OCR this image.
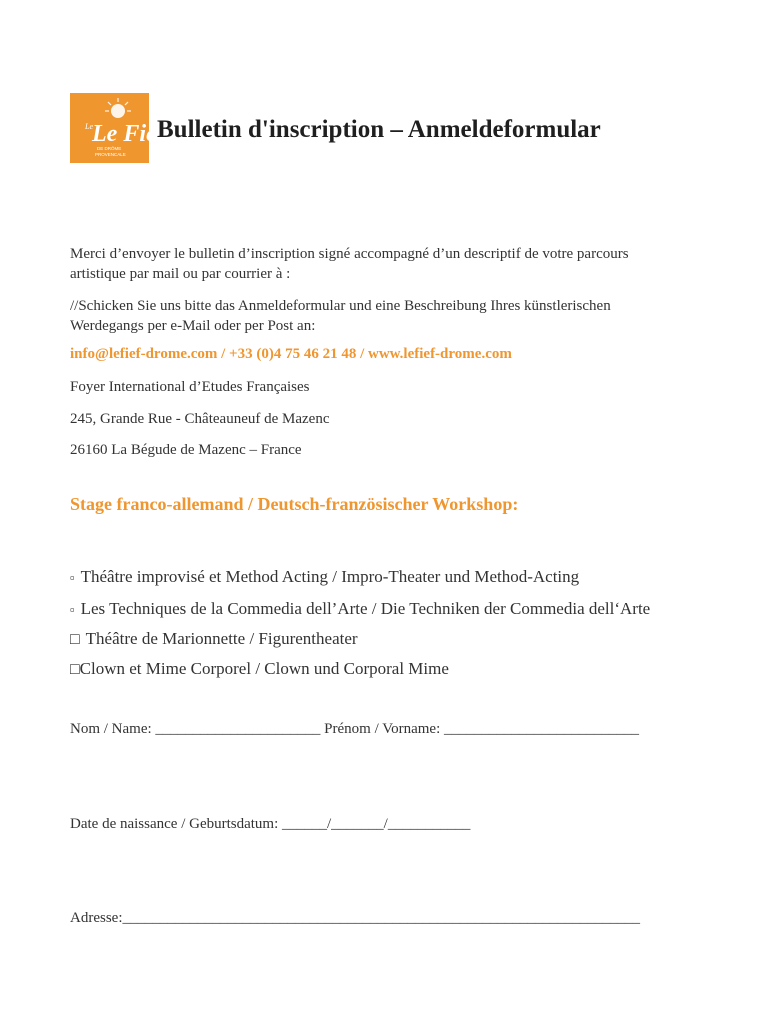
Le Le Fief
DE DRÔME
PROVENCALE
Bulletin d'inscription – Anmeldeformular
Merci d’envoyer le bulletin d’inscription signé accompagné d’un descriptif de votre parcours
artistique par mail ou par courrier à :
//Schicken Sie uns bitte das Anmeldeformular und eine Beschreibung Ihres künstlerischen
Werdegangs per e-Mail oder per Post an:
info@lefief-drome.com / +33 (0)4 75 46 21 48 / www.lefief-drome.com
Foyer International d’Etudes Françaises
245, Grande Rue - Châteauneuf de Mazenc
26160 La Bégude de Mazenc – France
Stage franco-allemand / Deutsch-französischer Workshop:
▫ Théâtre improvisé et Method Acting / Impro-Theater und Method-Acting
▫ Les Techniques de la Commedia dell’Arte / Die Techniken der Commedia dell‘Arte
□ Théâtre de Marionnette / Figurentheater
□Clown et Mime Corporel / Clown und Corporal Mime
Nom / Name: ______________________ Prénom / Vorname: __________________________
Date de naissance / Geburtsdatum: ______/_______/___________
Adresse:_____________________________________________________________________
